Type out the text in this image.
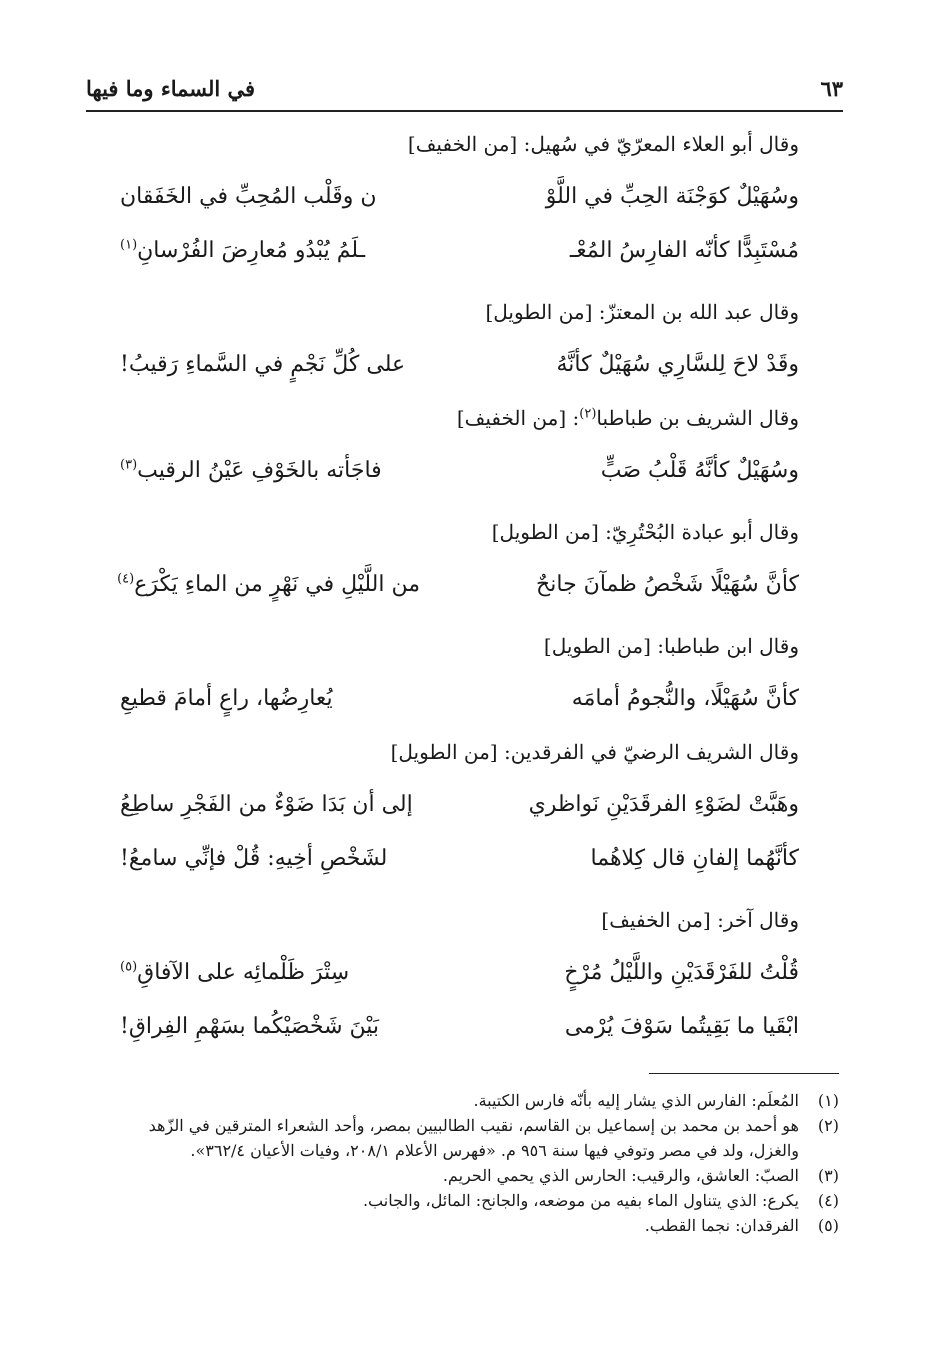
في السماء وما فيها	٦٣
وقال أبو العلاء المعرّيّ في سُهيل: [من الخفيف]
وسُهَيْلٌ كوَجْنَة الحِبِّ في اللَّوْ
ن وقَلْب المُحِبِّ في الخَفَقان
مُسْتَبِدًّا كأنّه الفارِسُ المُعْـ
ـلَمُ يُبْدُو مُعارِضَ الفُرْسانِ$^{(١)}$
وقال عبد الله بن المعتزّ: [من الطويل]
وقَدْ لاحَ لِلسَّارِي سُهَيْلٌ كأنَّهُ
على كُلِّ نَجْمٍ في السَّماءِ رَقيبُ!
وقال الشريف بن طباطبا$^{(٢)}$: [من الخفيف]
وسُهَيْلٌ كأنَّهُ قَلْبُ صَبٍّ
فاجَأته بالخَوْفِ عَيْنُ الرقيب$^{(٣)}$
وقال أبو عبادة البُحْتُرِيّ: [من الطويل]
كأنَّ سُهَيْلًا شَخْصُ ظمآنَ جانحٌ
من اللَّيْلِ في نَهْرٍ من الماءِ يَكْرَع$^{(٤)}$
وقال ابن طباطبا: [من الطويل]
كأنَّ سُهَيْلًا، والنُّجومُ أمامَه
يُعارِضُها، راعٍ أمامَ قطيعِ
وقال الشريف الرضيّ في الفرقدين: [من الطويل]
وهَبَّتْ لضَوْءِ الفرقَدَيْنِ نَواظري
إلى أن بَدَا ضَوْءٌ من الفَجْرِ ساطِعُ
كأنَّهُما إلفانِ قال كِلاهُما
لشَخْصِ أخِيهِ: قُلْ فإنِّي سامعُ!
وقال آخر: [من الخفيف]
قُلْتُ للفَرْقَدَيْنِ واللَّيْلُ مُرْخٍ
سِتْرَ ظَلْمائِه على الآفاقِ$^{(٥)}$
ابْقَيا ما بَقِيتُما سَوْفَ يُرْمى
بَيْنَ شَخْصَيْكُما بسَهْمِ الفِراقِ!
(١)
المُعلَم: الفارس الذي يشار إليه بأنّه فارس الكتيبة.
(٢)
هو أحمد بن محمد بن إسماعيل بن القاسم، نقيب الطالبيين بمصر، وأحد الشعراء المترقين في الزّهد والغزل، ولد في مصر وتوفي فيها سنة ٩٥٦ م. «فهرس الأعلام ٢٠٨/١، وفيات الأعيان ٣٦٢/٤».
(٣)
الصبّ: العاشق، والرقيب: الحارس الذي يحمي الحريم.
(٤)
يكرع: الذي يتناول الماء بفيه من موضعه، والجانح: المائل، والجانب.
(٥)
الفرقدان: نجما القطب.
